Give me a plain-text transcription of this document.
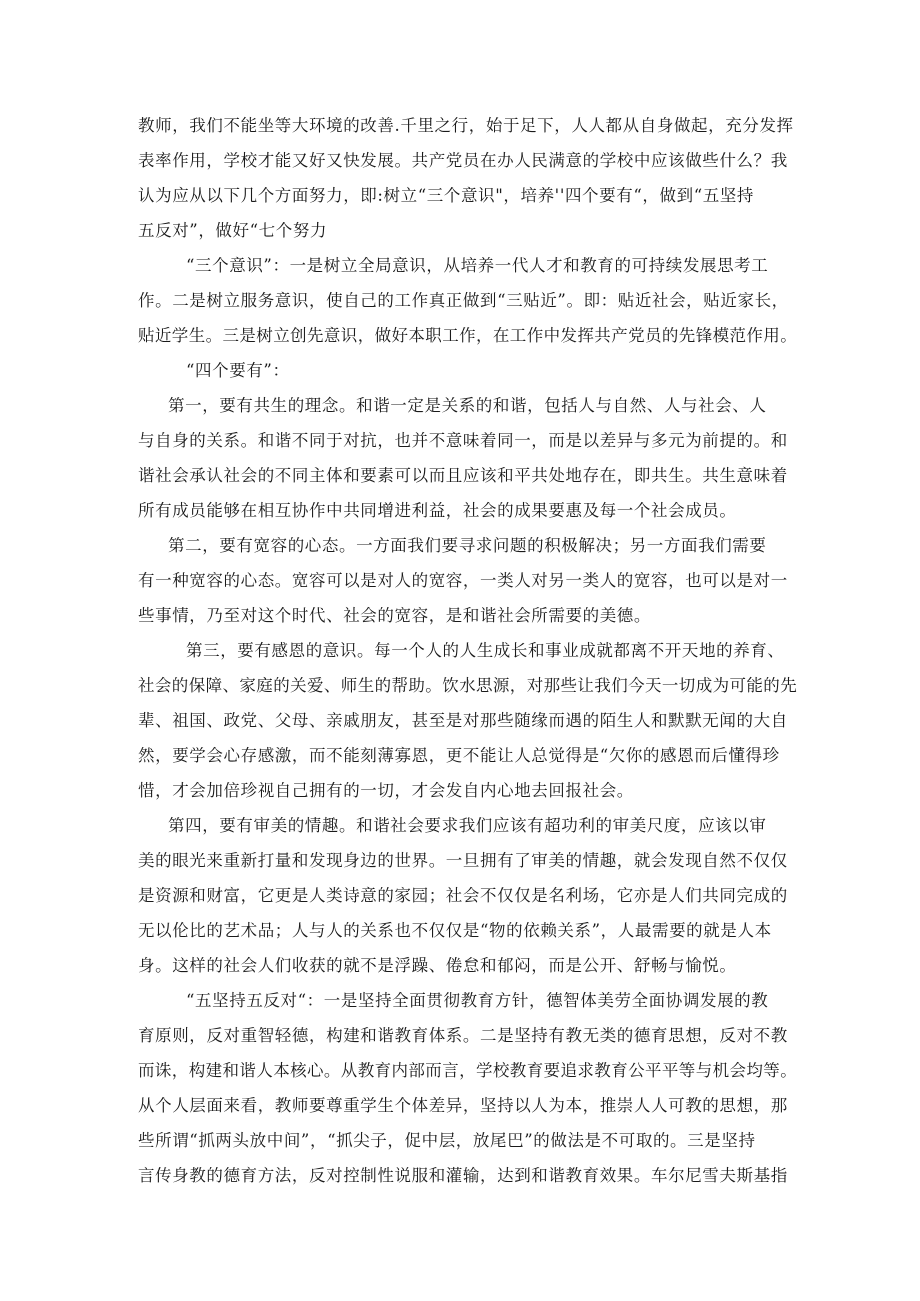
教师，我们不能坐等大环境的改善.千里之行，始于足下，人人都从自身做起，充分发挥
表率作用，学校才能又好又快发展。共产党员在办人民满意的学校中应该做些什么？我
认为应从以下几个方面努力，即:树立“三个意识"，培养''四个要有“，做到“五坚持
五反对”，做好“七个努力
“三个意识”：一是树立全局意识，从培养一代人才和教育的可持续发展思考工
作。二是树立服务意识，使自己的工作真正做到“三贴近”。即：贴近社会，贴近家长，
贴近学生。三是树立创先意识，做好本职工作，在工作中发挥共产党员的先锋模范作用。
“四个要有”：
第一，要有共生的理念。和谐一定是关系的和谐，包括人与自然、人与社会、人
与自身的关系。和谐不同于对抗，也并不意味着同一，而是以差异与多元为前提的。和
谐社会承认社会的不同主体和要素可以而且应该和平共处地存在，即共生。共生意味着
所有成员能够在相互协作中共同增进利益，社会的成果要惠及每一个社会成员。
第二，要有宽容的心态。一方面我们要寻求问题的积极解决；另一方面我们需要
有一种宽容的心态。宽容可以是对人的宽容，一类人对另一类人的宽容，也可以是对一
些事情，乃至对这个时代、社会的宽容，是和谐社会所需要的美德。
第三，要有感恩的意识。每一个人的人生成长和事业成就都离不开天地的养育、
社会的保障、家庭的关爱、师生的帮助。饮水思源，对那些让我们今天一切成为可能的先
辈、祖国、政党、父母、亲戚朋友，甚至是对那些随缘而遇的陌生人和默默无闻的大自
然，要学会心存感激，而不能刻薄寡恩，更不能让人总觉得是“欠你的感恩而后懂得珍
惜，才会加倍珍视自己拥有的一切，才会发自内心地去回报社会。
第四，要有审美的情趣。和谐社会要求我们应该有超功利的审美尺度，应该以审
美的眼光来重新打量和发现身边的世界。一旦拥有了审美的情趣，就会发现自然不仅仅
是资源和财富，它更是人类诗意的家园；社会不仅仅是名利场，它亦是人们共同完成的
无以伦比的艺术品；人与人的关系也不仅仅是“物的依赖关系”，人最需要的就是人本
身。这样的社会人们收获的就不是浮躁、倦怠和郁闷，而是公开、舒畅与愉悦。
“五坚持五反对“：一是坚持全面贯彻教育方针，德智体美劳全面协调发展的教
育原则，反对重智轻德，构建和谐教育体系。二是坚持有教无类的德育思想，反对不教
而诛，构建和谐人本核心。从教育内部而言，学校教育要追求教育公平平等与机会均等。
从个人层面来看，教师要尊重学生个体差异，坚持以人为本，推崇人人可教的思想，那
些所谓“抓两头放中间”，“抓尖子，促中层，放尾巴”的做法是不可取的。三是坚持
言传身教的德育方法，反对控制性说服和灌输，达到和谐教育效果。车尔尼雪夫斯基指
